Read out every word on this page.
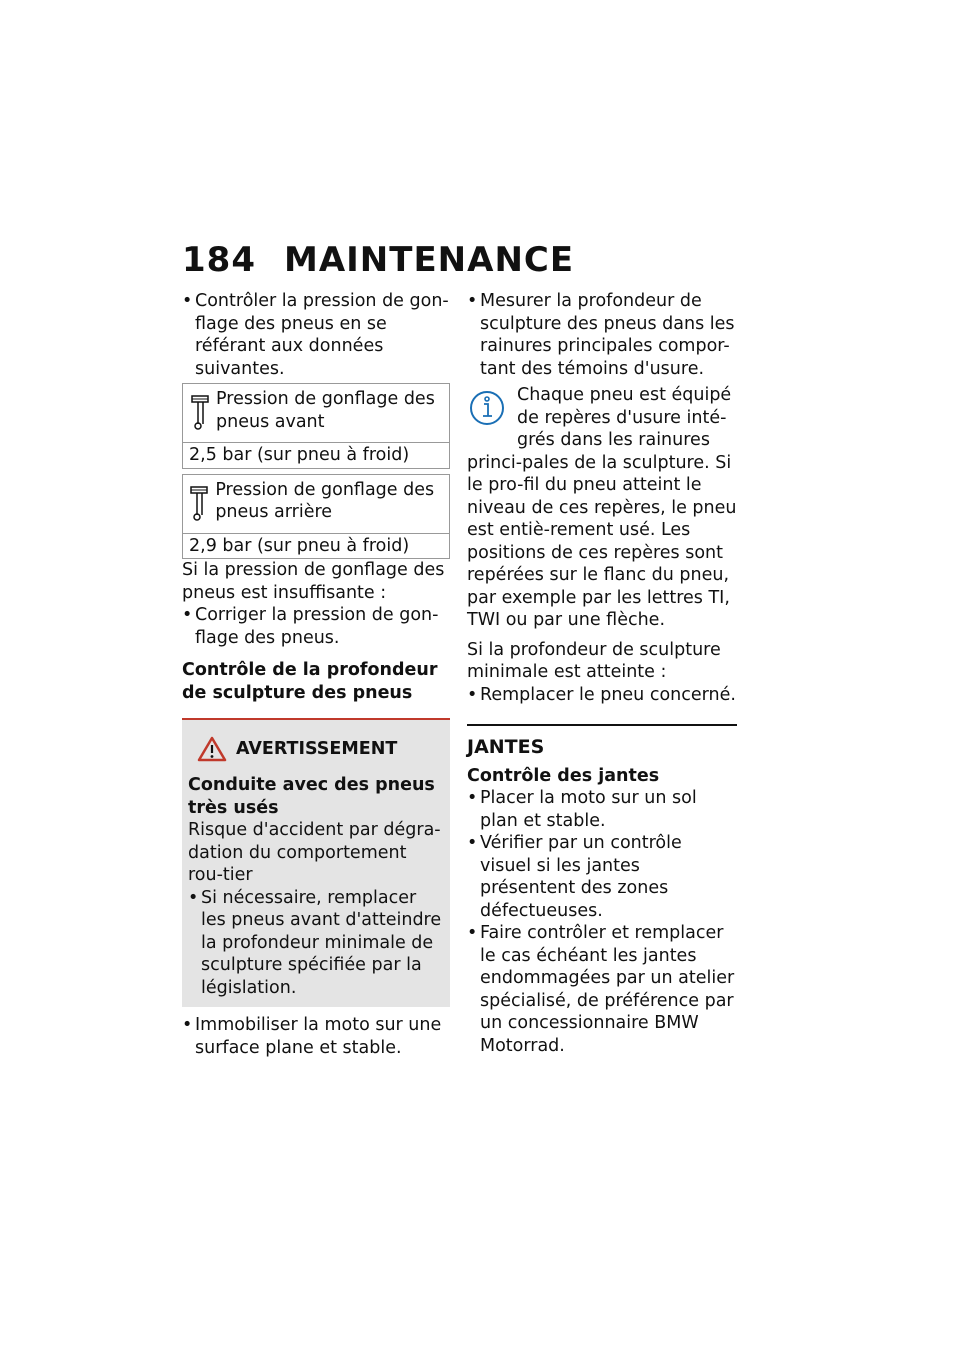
184 MAINTENANCE

• Contrôler la pression de gon-flage des pneus en se référant aux données suivantes.

Pression de gonflage des pneus avant
2,5 bar (sur pneu à froid)
Pression de gonflage des pneus arrière
2,9 bar (sur pneu à froid)

Si la pression de gonflage des pneus est insuffisante :

• Corriger la pression de gon-flage des pneus.

Contrôle de la profondeur de sculpture des pneus

AVERTISSEMENT

Conduite avec des pneus très usés

Risque d'accident par dégra-dation du comportement rou-tier

• Si nécessaire, remplacer les pneus avant d'atteindre la profondeur minimale de sculpture spécifiée par la législation.

• Immobiliser la moto sur une surface plane et stable.

• Mesurer la profondeur de sculpture des pneus dans les rainures principales compor-tant des témoins d'usure.

Chaque pneu est équipé de repères d'usure inté-grés dans les rainures princi-pales de la sculpture. Si le pro-fil du pneu atteint le niveau de ces repères, le pneu est entiè-rement usé. Les positions de ces repères sont repérées sur le flanc du pneu, par exemple par les lettres TI, TWI ou par une flèche.

Si la profondeur de sculpture minimale est atteinte :

• Remplacer le pneu concerné.

JANTES

Contrôle des jantes

• Placer la moto sur un sol plan et stable.

• Vérifier par un contrôle visuel si les jantes présentent des zones défectueuses.

• Faire contrôler et remplacer le cas échéant les jantes endommagées par un atelier spécialisé, de préférence par un concessionnaire BMW Motorrad.
